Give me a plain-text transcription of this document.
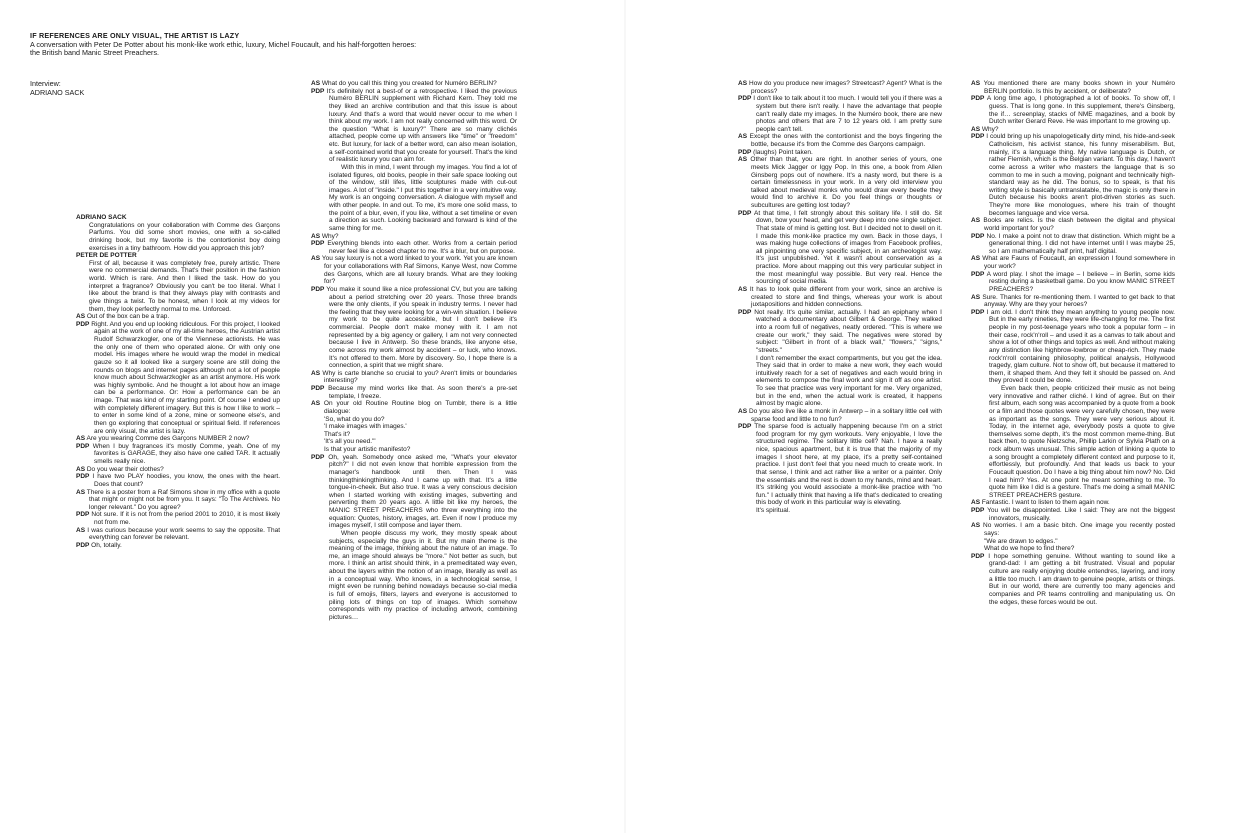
IF REFERENCES ARE ONLY VISUAL, THE ARTIST IS LAZY
A conversation with Peter De Potter about his monk-like work ethic, luxury, Michel Foucault, and his half-forgotten heroes:
the British band Manic Street Preachers.
Interview:
ADRIANO SACK

ADRIANO SACK

Congratulations on your collaboration with Comme des Garçons Parfums. You did some short movies, one with a so-called drinking book, but my favorite is the contortionist boy doing exercises in a tiny bathroom. How did you approach this job?

PETER DE POTTER

First of all, because it was completely free, purely artistic. There were no commercial demands. That's their position in the fashion world. Which is rare. And then I liked the task. How do you interpret a fragrance? Obviously you can't be too literal. What I like about the brand is that they always play with contrasts and give things a twist. To be honest, when I look at my videos for them, they look perfectly normal to me. Unforced.

AS Out of the box can be a trap.

PDP Right. And you end up looking ridiculous. For this project, I looked again at the work of one of my all-time heroes, the Austrian artist Rudolf Schwarzkogler, one of the Viennese actionists. He was the only one of them who operated alone. Or with only one model. His images where he would wrap the model in medical gauze so it all looked like a surgery scene are still doing the rounds on blogs and internet pages although not a lot of people know much about Schwarzkogler as an artist anymore. His work was highly symbolic. And he thought a lot about how an image can be a performance. Or: How a performance can be an image. That was kind of my starting point. Of course I ended up with completely different imagery. But this is how I like to work – to enter in some kind of a zone, mine or someone else's, and then go exploring that conceptual or spiritual field. If references are only visual, the artist is lazy.

AS Are you wearing Comme des Garçons NUMBER 2 now?

PDP When I buy fragrances it's mostly Comme, yeah. One of my favorites is GARAGE, they also have one called TAR. It actually smells really nice.

AS Do you wear their clothes?

PDP I have two PLAY hoodies, you know, the ones with the heart. Does that count?

AS There is a poster from a Raf Simons show in my office with a quote that might or might not be from you. It says: "To The Archives. No longer relevant." Do you agree?

PDP Not sure. If it is not from the period 2001 to 2010, it is most likely not from me.

AS I was curious because your work seems to say the opposite. That everything can forever be relevant.

PDP Oh, totally.

AS What do you call this thing you created for Numéro BERLIN?

PDP It's definitely not a best-of or a retrospective. I liked the previous Numéro BERLIN supplement with Richard Kern. They told me they liked an archive contribution and that this issue is about luxury. And that's a word that would never occur to me when I think about my work. I am not really concerned with this word. Or the question "What is luxury?" There are so many clichés attached, people come up with answers like "time" or "freedom" etc. But luxury, for lack of a better word, can also mean isolation, a self-contained world that you create for yourself. That's the kind of realistic luxury you can aim for.

With this in mind, I went through my images. You find a lot of isolated figures, old books, people in their safe space looking out of the window, still lifes, little sculptures made with cut-out images. A lot of "inside." I put this together in a very intuitive way. My work is an ongoing conversation. A dialogue with myself and with other people. In and out. To me, it's more one solid mass, to the point of a blur, even, if you like, without a set timeline or even a direction as such. Looking backward and forward is kind of the same thing for me.

AS Why?

PDP Everything blends into each other. Works from a certain period never feel like a closed chapter to me. It's a blur, but on purpose.

AS You say luxury is not a word linked to your work. Yet you are known for your collaborations with Raf Simons, Kanye West, now Comme des Garçons, which are all luxury brands. What are they looking for?

PDP You make it sound like a nice professional CV, but you are talking about a period stretching over 20 years. Those three brands were the only clients, if you speak in industry terms. I never had the feeling that they were looking for a win-win situation. I believe my work to be quite accessible, but I don't believe it's commercial. People don't make money with it. I am not represented by a big agency or gallery, I am not very connected because I live in Antwerp. So these brands, like anyone else, come across my work almost by accident – or luck, who knows. It's not offered to them. More by discovery. So, I hope there is a connection, a spirit that we might share.

AS Why is carte blanche so crucial to you? Aren't limits or boundaries interesting?

PDP Because my mind works like that. As soon there's a pre-set template, I freeze.

AS On your old Routine Routine blog on Tumblr, there is a little dialogue:

'So, what do you do?

'I make images with images.'

That's it?

'It's all you need.'"

Is that your artistic manifesto?

PDP Oh, yeah. Somebody once asked me, "What's your elevator pitch?" I did not even know that horrible expression from the manager's handbook until then. Then I was thinkingthinkingthinking. And I came up with that. It's a little tongue-in-cheek. But also true. It was a very conscious decision when I started working with existing images, subverting and perverting them 20 years ago. A little bit like my heroes, the MANIC STREET PREACHERS who threw everything into the equation: Quotes, history, images, art. Even if now I produce my images myself, I still compose and layer them.

When people discuss my work, they mostly speak about subjects, especially the guys in it. But my main theme is the meaning of the image, thinking about the nature of an image. To me, an image should always be "more." Not better as such, but more. I think an artist should think, in a premeditated way even, about the layers within the notion of an image, literally as well as in a conceptual way. Who knows, in a technological sense, I might even be running behind nowadays because so-cial media is full of emojis, filters, layers and everyone is accustomed to piling lots of things on top of images. Which somehow corresponds with my practice of including artwork, combining pictures…

AS How do you produce new images? Streetcast? Agent? What is the process?

PDP I don't like to talk about it too much. I would tell you if there was a system but there isn't really. I have the advantage that people can't really date my images. In the Numéro book, there are new photos and others that are 7 to 12 years old. I am pretty sure people can't tell.

AS Except the ones with the contortionist and the boys fingering the bottle, because it's from the Comme des Garçons campaign.

PDP (laughs) Point taken.

AS Other than that, you are right. In another series of yours, one meets Mick Jagger or Iggy Pop. In this one, a book from Allen Ginsberg pops out of nowhere. It's a nasty word, but there is a certain timelessness in your work. In a very old interview you talked about medieval monks who would draw every beetle they would find to archive it. Do you feel things or thoughts or subcultures are getting lost today?

PDP At that time, I felt strongly about this solitary life. I still do. Sit down, bow your head, and get very deep into one single subject. That state of mind is getting lost. But I decided not to dwell on it. I made this monk-like practice my own. Back in those days, I was making huge collections of images from Facebook profiles, all pinpointing one very specific subject, in an archeologist way. It's just unpublished. Yet it wasn't about conservation as a practice. More about mapping out this very particular subject in the most meaningful way possible. But very real. Hence the sourcing of social media.

AS It has to look quite different from your work, since an archive is created to store and find things, whereas your work is about juxtapositions and hidden connections.

PDP Not really. It's quite similar, actually. I had an epiphany when I watched a documentary about Gilbert & George. They walked into a room full of negatives, neatly ordered. "This is where we create our work," they said. The negatives were stored by subject: "Gilbert in front of a black wall," "flowers," "signs," "streets."

I don't remember the exact compartments, but you get the idea. They said that in order to make a new work, they each would intuitively reach for a set of negatives and each would bring in elements to compose the final work and sign it off as one artist. To see that practice was very important for me. Very organized, but in the end, when the actual work is created, it happens almost by magic alone.

AS Do you also live like a monk in Antwerp – in a solitary little cell with sparse food and little to no fun?

PDP The sparse food is actually happening because I'm on a strict food program for my gym workouts. Very enjoyable, I love the structured regime. The solitary little cell? Nah. I have a really nice, spacious apartment, but it is true that the majority of my images I shoot here, at my place, it's a pretty self-contained practice. I just don't feel that you need much to create work. In that sense, I think and act rather like a writer or a painter. Only the essentials and the rest is down to my hands, mind and heart. It's striking you would associate a monk-like practice with "no fun." I actually think that having a life that's dedicated to creating this body of work in this particular way is elevating.

It's spiritual.

AS You mentioned there are many books shown in your Numéro BERLIN portfolio. Is this by accident, or deliberate?

PDP A long time ago, I photographed a lot of books. To show off, I guess. That is long gone. In this supplement, there's Ginsberg, the if… screenplay, stacks of NME magazines, and a book by Dutch writer Gerard Reve. He was important to me growing up.

AS Why?

PDP I could bring up his unapologetically dirty mind, his hide-and-seek Catholicism, his activist stance, his funny miserabilism. But, mainly, it's a language thing. My native language is Dutch, or rather Flemish, which is the Belgian variant. To this day, I haven't come across a writer who masters the language that is so common to me in such a moving, poignant and technically high-standard way as he did. The bonus, so to speak, is that his writing style is basically untranslatable, the magic is only there in Dutch because his books aren't plot-driven stories as such. They're more like monologues, where his train of thought becomes language and vice versa.

AS Books are relics. Is the clash between the digital and physical world important for you?

PDP No. I make a point not to draw that distinction. Which might be a generational thing. I did not have internet until I was maybe 25, so I am mathematically half print, half digital.

AS What are Fauns of Foucault, an expression I found somewhere in your work?

PDP A word play. I shot the image – I believe – in Berlin, some kids resting during a basketball game. Do you know MANIC STREET PREACHERS?

AS Sure. Thanks for re-mentioning them. I wanted to get back to that anyway. Why are they your heroes?

PDP I am old. I don't think they mean anything to young people now. But in the early nineties, they were life-changing for me. The first people in my post-teenage years who took a popular form – in their case, rock'n'roll – and used it as a canvas to talk about and show a lot of other things and topics as well. And without making any distinction like highbrow-lowbrow or cheap-rich. They made rock'n'roll containing philosophy, political analysis, Hollywood tragedy, glam culture. Not to show off, but because it mattered to them, it shaped them. And they felt it should be passed on. And they proved it could be done.

Even back then, people criticized their music as not being very innovative and rather cliché. I kind of agree. But on their first album, each song was accompanied by a quote from a book or a film and those quotes were very carefully chosen, they were as important as the songs. They were very serious about it. Today, in the internet age, everybody posts a quote to give themselves some depth, it's the most common meme-thing. But back then, to quote Nietzsche, Phillip Larkin or Sylvia Plath on a rock album was unusual. This simple action of linking a quote to a song brought a completely different context and purpose to it, effortlessly, but profoundly. And that leads us back to your Foucault question. Do I have a big thing about him now? No. Did I read him? Yes. At one point he meant something to me. To quote him like I did is a gesture. That's me doing a small MANIC STREET PREACHERS gesture.

AS Fantastic. I want to listen to them again now.

PDP You will be disappointed. Like I said: They are not the biggest innovators, musically.

AS No worries. I am a basic bitch. One image you recently posted says:

"We are drawn to edges."

What do we hope to find there?

PDP I hope something genuine. Without wanting to sound like a grand-dad: I am getting a bit frustrated. Visual and popular culture are really enjoying double entendres, layering, and irony a little too much. I am drawn to genuine people, artists or things. But in our world, there are currently too many agencies and companies and PR teams controlling and manipulating us. On the edges, these forces would be out.
